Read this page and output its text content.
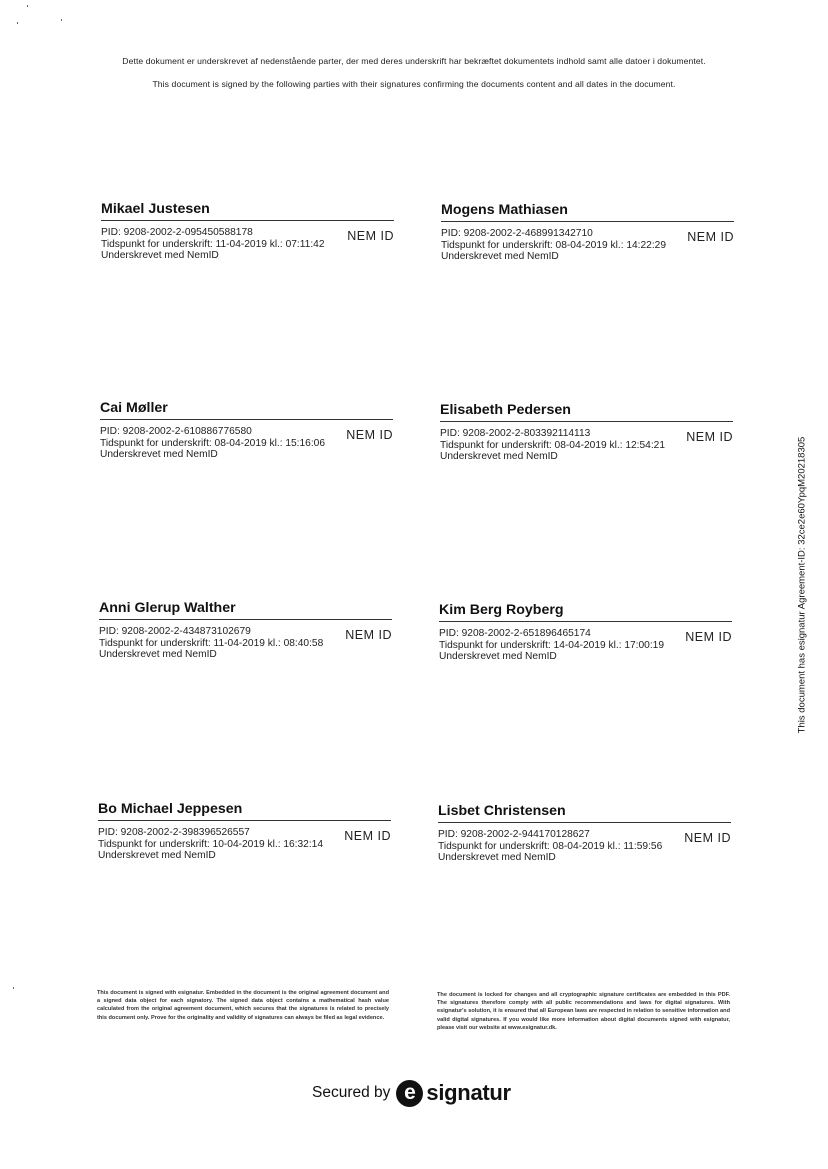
Dette dokument er underskrevet af nedenstående parter, der med deres underskrift har bekræftet dokumentets indhold samt alle datoer i dokumentet.
This document is signed by the following parties with their signatures confirming the documents content and all dates in the document.
Mikael Justesen
PID: 9208-2002-2-095450588178
Tidspunkt for underskrift: 11-04-2019 kl.: 07:11:42
Underskrevet med NemID
NEM ID
Mogens Mathiasen
PID: 9208-2002-2-468991342710
Tidspunkt for underskrift: 08-04-2019 kl.: 14:22:29
Underskrevet med NemID
NEM ID
Cai Møller
PID: 9208-2002-2-610886776580
Tidspunkt for underskrift: 08-04-2019 kl.: 15:16:06
Underskrevet med NemID
NEM ID
Elisabeth Pedersen
PID: 9208-2002-2-803392114113
Tidspunkt for underskrift: 08-04-2019 kl.: 12:54:21
Underskrevet med NemID
NEM ID
Anni Glerup Walther
PID: 9208-2002-2-434873102679
Tidspunkt for underskrift: 11-04-2019 kl.: 08:40:58
Underskrevet med NemID
NEM ID
Kim Berg Royberg
PID: 9208-2002-2-651896465174
Tidspunkt for underskrift: 14-04-2019 kl.: 17:00:19
Underskrevet med NemID
NEM ID
Bo Michael Jeppesen
PID: 9208-2002-2-398396526557
Tidspunkt for underskrift: 10-04-2019 kl.: 16:32:14
Underskrevet med NemID
NEM ID
Lisbet Christensen
PID: 9208-2002-2-944170128627
Tidspunkt for underskrift: 08-04-2019 kl.: 11:59:56
Underskrevet med NemID
NEM ID
This document is signed with esignatur. Embedded in the document is the original agreement document and a signed data object for each signatory. The signed data object contains a mathematical hash value calculated from the original agreement document, which secures that the signatures is related to precisely this document only. Prove for the originality and validity of signatures can always be filed as legal evidence.
The document is locked for changes and all cryptographic signature certificates are embedded in this PDF. The signatures therefore comply with all public recommendations and laws for digital signatures. With esignatur's solution, it is ensured that all European laws are respected in relation to sensitive information and valid digital signatures. If you would like more information about digital documents signed with esignatur, please visit our website at www.esignatur.dk.
Secured by e signatur
This document has esignatur Agreement-ID: 32ce2e60YpqM20218305
